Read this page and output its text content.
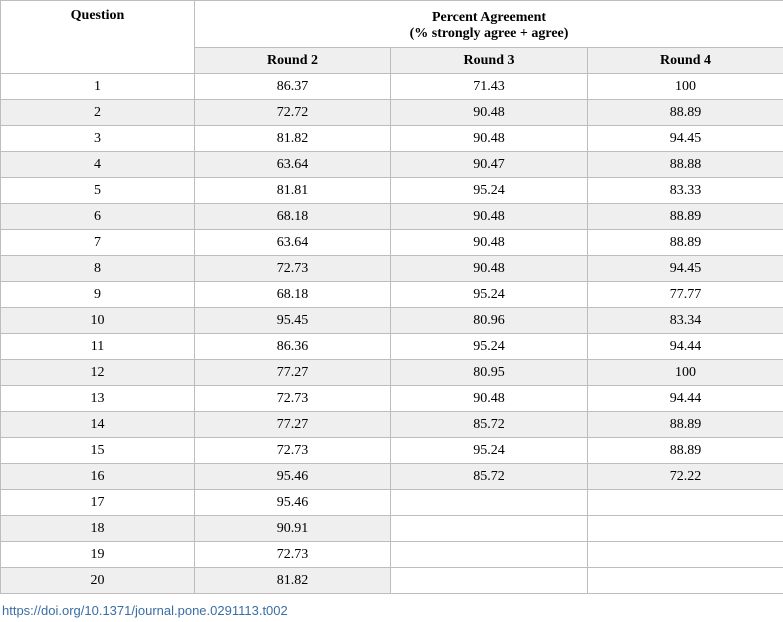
Question	Percent Agreement
(% strongly agree + agree)		

	Round 2	Round 3	Round 4
1	86.37	71.43	100
2	72.72	90.48	88.89
3	81.82	90.48	94.45
4	63.64	90.47	88.88
5	81.81	95.24	83.33
6	68.18	90.48	88.89
7	63.64	90.48	88.89
8	72.73	90.48	94.45
9	68.18	95.24	77.77
10	95.45	80.96	83.34
11	86.36	95.24	94.44
12	77.27	80.95	100
13	72.73	90.48	94.44
14	77.27	85.72	88.89
15	72.73	95.24	88.89
16	95.46	85.72	72.22
17	95.46		
18	90.91		
19	72.73		
20	81.82		
https://doi.org/10.1371/journal.pone.0291113.t002
